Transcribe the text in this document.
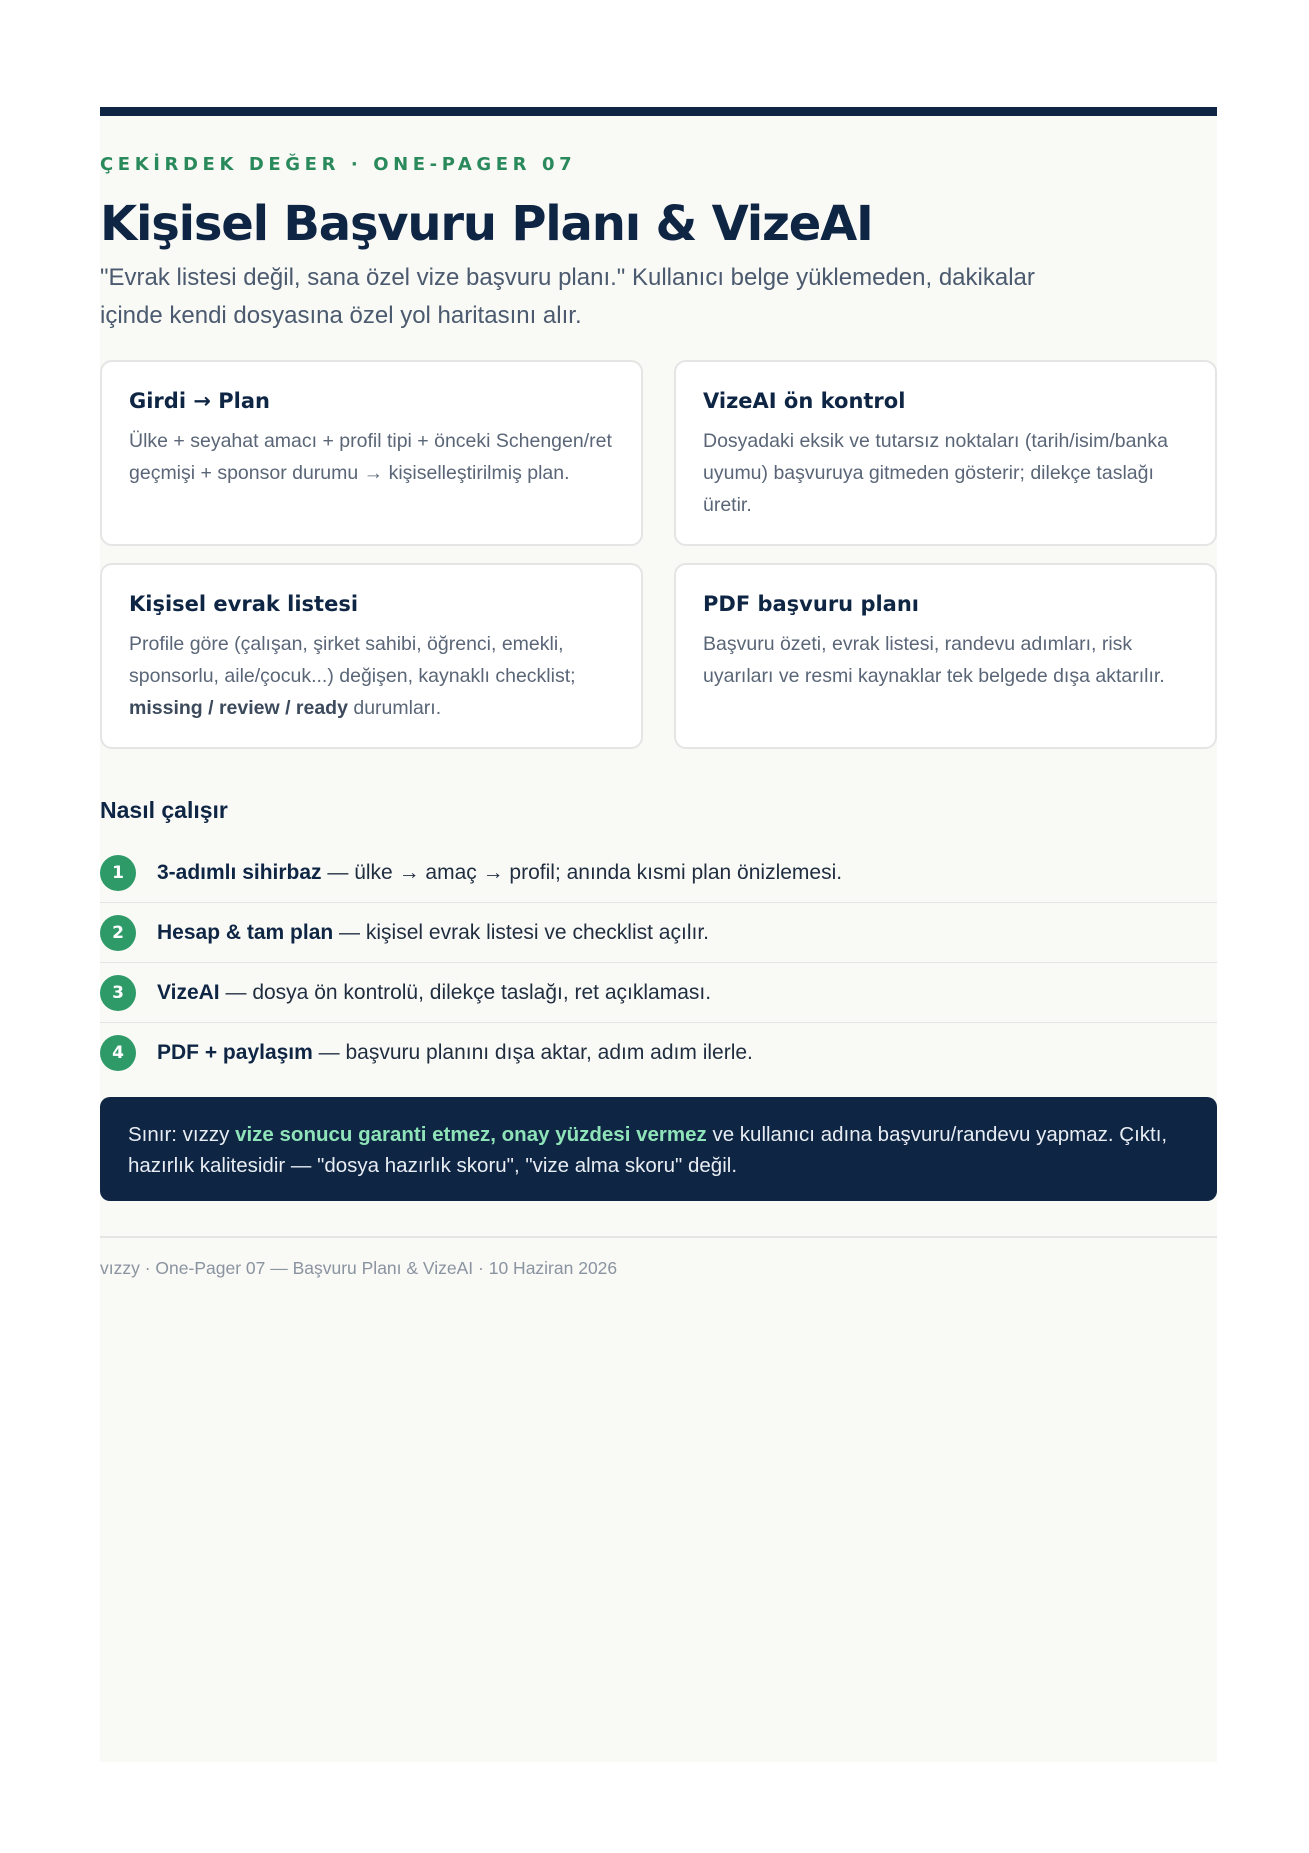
ÇEKİRDEK DEĞER · ONE-PAGER 07
Kişisel Başvuru Planı & VizeAI

"Evrak listesi değil, sana özel vize başvuru planı." Kullanıcı belge yüklemeden, dakikalar içinde kendi dosyasına özel yol haritasını alır.

Girdi → Plan
Ülke + seyahat amacı + profil tipi + önceki Schengen/ret geçmişi + sponsor durumu → kişiselleştirilmiş plan.
VizeAI ön kontrol
Dosyadaki eksik ve tutarsız noktaları (tarih/isim/banka uyumu) başvuruya gitmeden gösterir; dilekçe taslağı üretir.
Kişisel evrak listesi
Profile göre (çalışan, şirket sahibi, öğrenci, emekli, sponsorlu, aile/çocuk...) değişen, kaynaklı checklist; missing / review / ready durumları.
PDF başvuru planı
Başvuru özeti, evrak listesi, randevu adımları, risk uyarıları ve resmi kaynaklar tek belgede dışa aktarılır.
Nasıl çalışır
1	3-adımlı sihirbaz — ülke → amaç → profil; anında kısmi plan önizlemesi.
2	Hesap & tam plan — kişisel evrak listesi ve checklist açılır.
3	VizeAI — dosya ön kontrolü, dilekçe taslağı, ret açıklaması.
4	PDF + paylaşım — başvuru planını dışa aktar, adım adım ilerle.
Sınır: vızzy vize sonucu garanti etmez, onay yüzdesi vermez ve kullanıcı adına başvuru/randevu yapmaz. Çıktı, hazırlık kalitesidir — "dosya hazırlık skoru", "vize alma skoru" değil.
vızzy · One-Pager 07 — Başvuru Planı & VizeAI · 10 Haziran 2026
